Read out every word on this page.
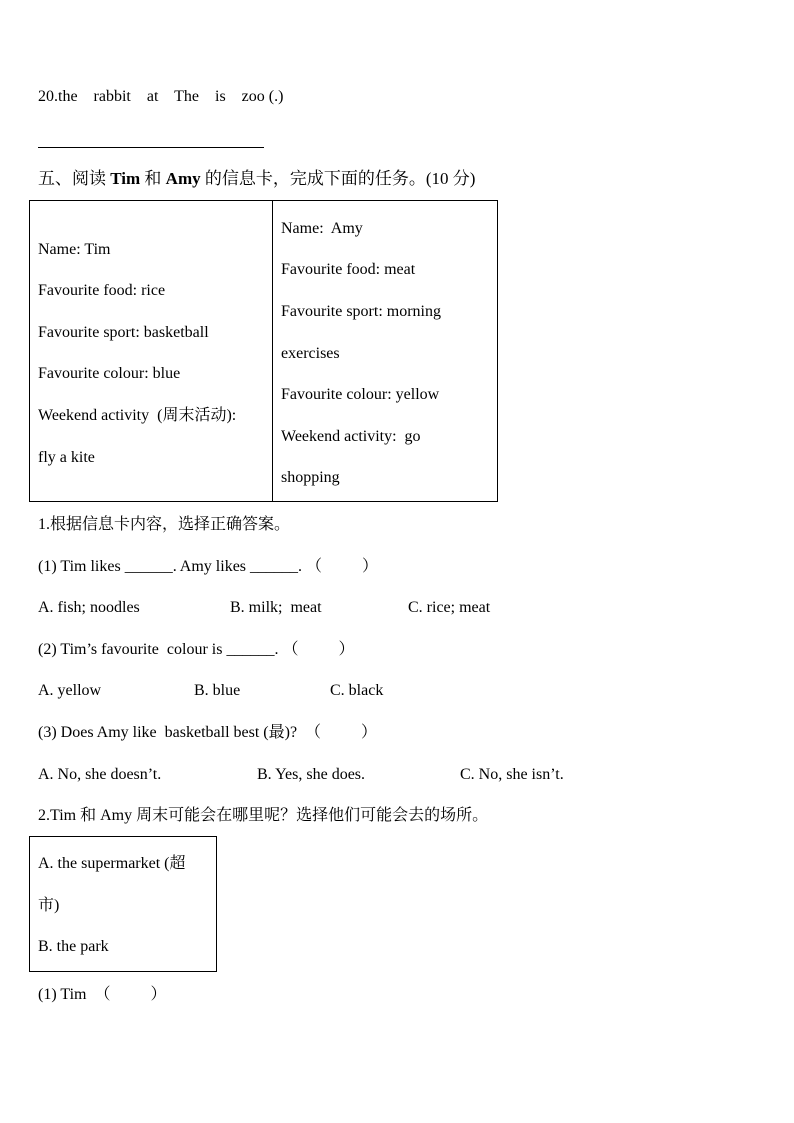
20.the    rabbit    at    The    is    zoo (.)
五、阅读 Tim 和 Amy 的信息卡，完成下面的任务。(10 分)
Name: Tim
Favourite food: rice
Favourite sport: basketball
Favourite colour: blue
Weekend activity  (周末活动):
fly a kite
Name:  Amy
Favourite food: meat
Favourite sport: morning
exercises
Favourite colour: yellow
Weekend activity:  go
shopping
1.根据信息卡内容，选择正确答案。
(1) Tim likes ______. Amy likes ______. （          ）
A. fish; noodles	B. milk;  meat	C. rice; meat
(2) Tim’s favourite  colour is ______. （          ）
A. yellow	B. blue	C. black
(3) Does Amy like  basketball best (最)?  （          ）
A. No, she doesn’t.	B. Yes, she does.	C. No, she isn’t.
2.Tim 和 Amy 周末可能会在哪里呢？选择他们可能会去的场所。
A. the supermarket (超
市)
B. the park
(1) Tim  （          ）
